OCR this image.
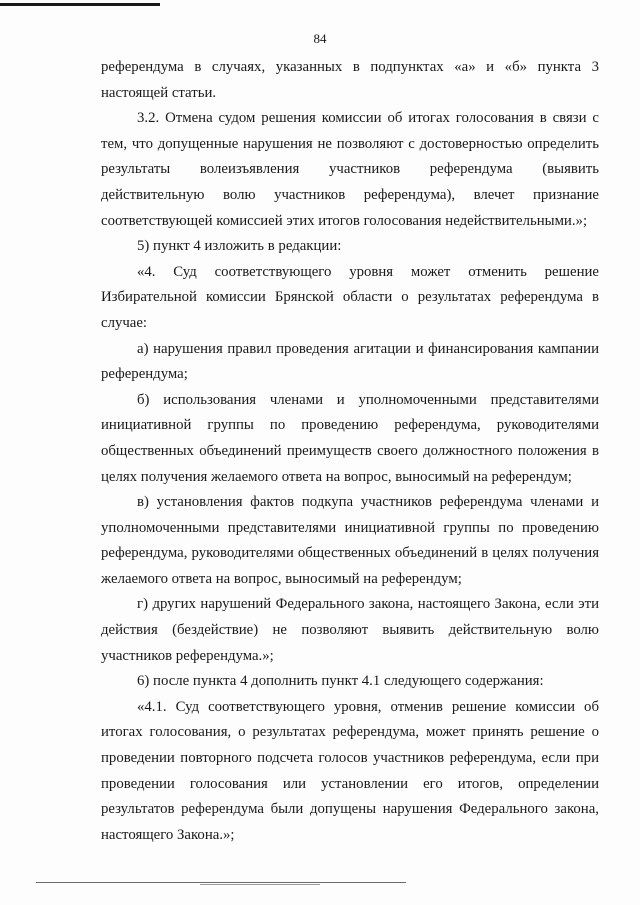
84

референдума в случаях, указанных в подпунктах «а» и «б» пункта 3 настоящей статьи.

3.2. Отмена судом решения комиссии об итогах голосования в связи с тем, что допущенные нарушения не позволяют с достоверностью определить результаты волеизъявления участников референдума (выявить действительную волю участников референдума), влечет признание соответствующей комиссией этих итогов голосования недействительными.»;

5) пункт 4 изложить в редакции:

«4. Суд соответствующего уровня может отменить решение Избирательной комиссии Брянской области о результатах референдума в случае:

а) нарушения правил проведения агитации и финансирования кампании референдума;

б) использования членами и уполномоченными представителями инициативной группы по проведению референдума, руководителями общественных объединений преимуществ своего должностного положения в целях получения желаемого ответа на вопрос, выносимый на референдум;

в) установления фактов подкупа участников референдума членами и уполномоченными представителями инициативной группы по проведению референдума, руководителями общественных объединений в целях получения желаемого ответа на вопрос, выносимый на референдум;

г) других нарушений Федерального закона, настоящего Закона, если эти действия (бездействие) не позволяют выявить действительную волю участников референдума.»;

6) после пункта 4 дополнить пункт 4.1 следующего содержания:

«4.1. Суд соответствующего уровня, отменив решение комиссии об итогах голосования, о результатах референдума, может принять решение о проведении повторного подсчета голосов участников референдума, если при проведении голосования или установлении его итогов, определении результатов референдума были допущены нарушения Федерального закона, настоящего Закона.»;
